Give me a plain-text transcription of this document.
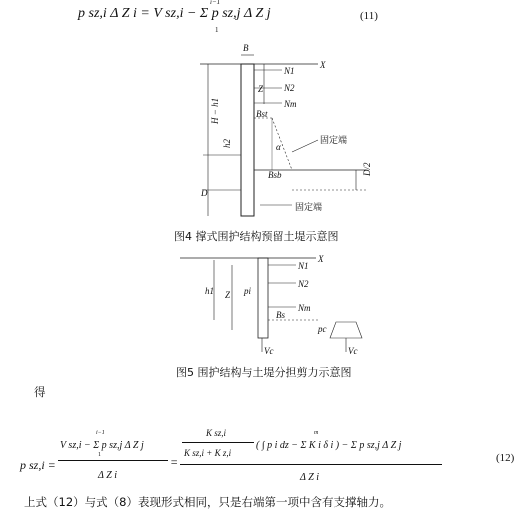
p sz,i Δ Z i = V sz,i − Σ p sz,j Δ Z j
i−1
1
(11)
B
X
N1
N2
Z
Nm
H − h1
h2
D
Bst
Bsb
α
D/2
固定端
固定端
图4 撑式围护结构预留土堤示意图
X
N1
N2
Nm
pi
h1 Z
Bs
pc
Vc	Vc
图5 围护结构与土堤分担剪力示意图
得
p sz,i =
V sz,i − Σ p sz,j Δ Z j
Δ Z i
=
K sz,i
K sz,i + K z,i
( ∫ p i dz − Σ K i δ i ) − Σ p sz,j Δ Z j
Δ Z i
i−1
1
m
(12)
上式（12）与式（8）表现形式相同，只是右端第一项中含有支撑轴力。
